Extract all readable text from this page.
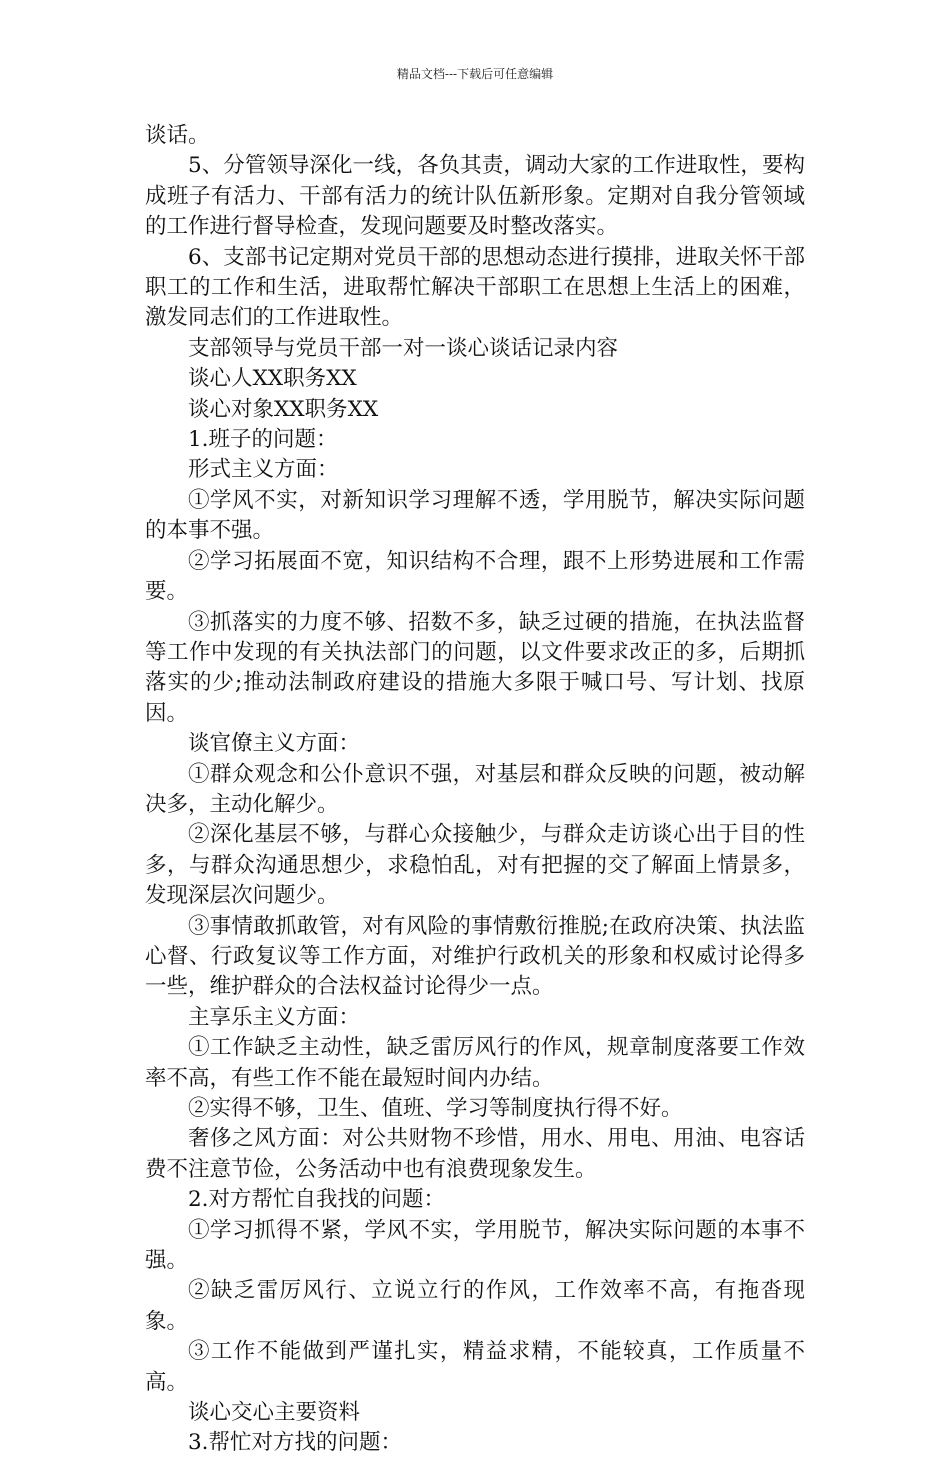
精品文档---下载后可任意编辑

谈话。

5、分管领导深化一线，各负其责，调动大家的工作进取性，要构成班子有活力、干部有活力的统计队伍新形象。定期对自我分管领域的工作进行督导检查，发现问题要及时整改落实。

6、支部书记定期对党员干部的思想动态进行摸排，进取关怀干部职工的工作和生活，进取帮忙解决干部职工在思想上生活上的困难，激发同志们的工作进取性。

支部领导与党员干部一对一谈心谈话记录内容

谈心人XX职务XX

谈心对象XX职务XX

1.班子的问题：

形式主义方面：

①学风不实，对新知识学习理解不透，学用脱节，解决实际问题的本事不强。

②学习拓展面不宽，知识结构不合理，跟不上形势进展和工作需要。

③抓落实的力度不够、招数不多，缺乏过硬的措施，在执法监督等工作中发现的有关执法部门的问题，以文件要求改正的多，后期抓落实的少;推动法制政府建设的措施大多限于喊口号、写计划、找原因。

谈官僚主义方面：

①群众观念和公仆意识不强，对基层和群众反映的问题，被动解决多，主动化解少。

②深化基层不够，与群心众接触少，与群众走访谈心出于目的性多，与群众沟通思想少，求稳怕乱，对有把握的交了解面上情景多，发现深层次问题少。

③事情敢抓敢管，对有风险的事情敷衍推脱;在政府决策、执法监心督、行政复议等工作方面，对维护行政机关的形象和权威讨论得多一些，维护群众的合法权益讨论得少一点。

主享乐主义方面：

①工作缺乏主动性，缺乏雷厉风行的作风，规章制度落要工作效率不高，有些工作不能在最短时间内办结。

②实得不够，卫生、值班、学习等制度执行得不好。

奢侈之风方面：对公共财物不珍惜，用水、用电、用油、电容话费不注意节俭，公务活动中也有浪费现象发生。

2.对方帮忙自我找的问题：

①学习抓得不紧，学风不实，学用脱节，解决实际问题的本事不强。

②缺乏雷厉风行、立说立行的作风，工作效率不高，有拖沓现象。

③工作不能做到严谨扎实，精益求精，不能较真，工作质量不高。

谈心交心主要资料

3.帮忙对方找的问题：
